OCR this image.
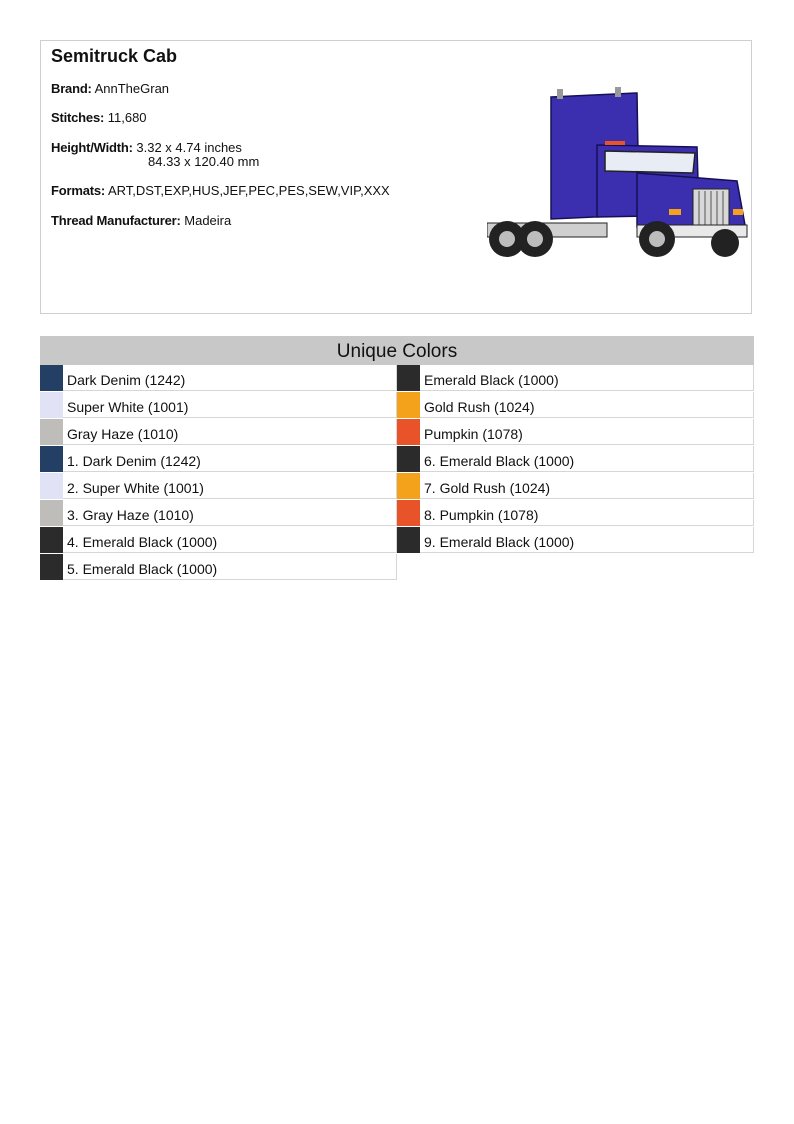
Semitruck Cab
Brand: AnnTheGran
Stitches: 11,680
Height/Width: 3.32 x 4.74 inches
84.33 x 120.40 mm
Formats: ART,DST,EXP,HUS,JEF,PEC,PES,SEW,VIP,XXX
Thread Manufacturer: Madeira
Unique Colors
Dark Denim (1242)
Super White (1001)
Gray Haze (1010)
1. Dark Denim (1242)
2. Super White (1001)
3. Gray Haze (1010)
4. Emerald Black (1000)
5. Emerald Black (1000)
Emerald Black (1000)
Gold Rush (1024)
Pumpkin (1078)
6. Emerald Black (1000)
7. Gold Rush (1024)
8. Pumpkin (1078)
9. Emerald Black (1000)
